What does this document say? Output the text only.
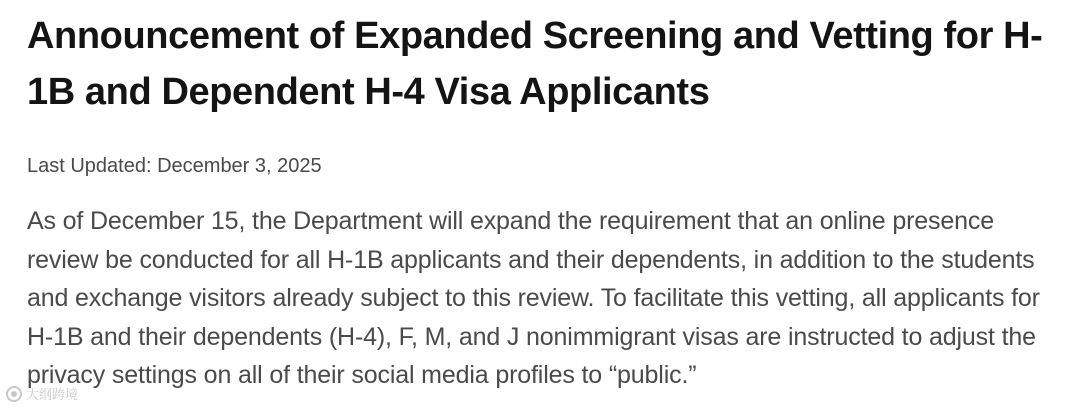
Announcement of Expanded Screening and Vetting for H-1B and Dependent H-4 Visa Applicants
Last Updated: December 3, 2025

As of December 15, the Department will expand the requirement that an online presence review be conducted for all H-1B applicants and their dependents, in addition to the students and exchange visitors already subject to this review. To facilitate this vetting, all applicants for H-1B and their dependents (H-4), F, M, and J nonimmigrant visas are instructed to adjust the privacy settings on all of their social media profiles to “public.”

大纲跨境
